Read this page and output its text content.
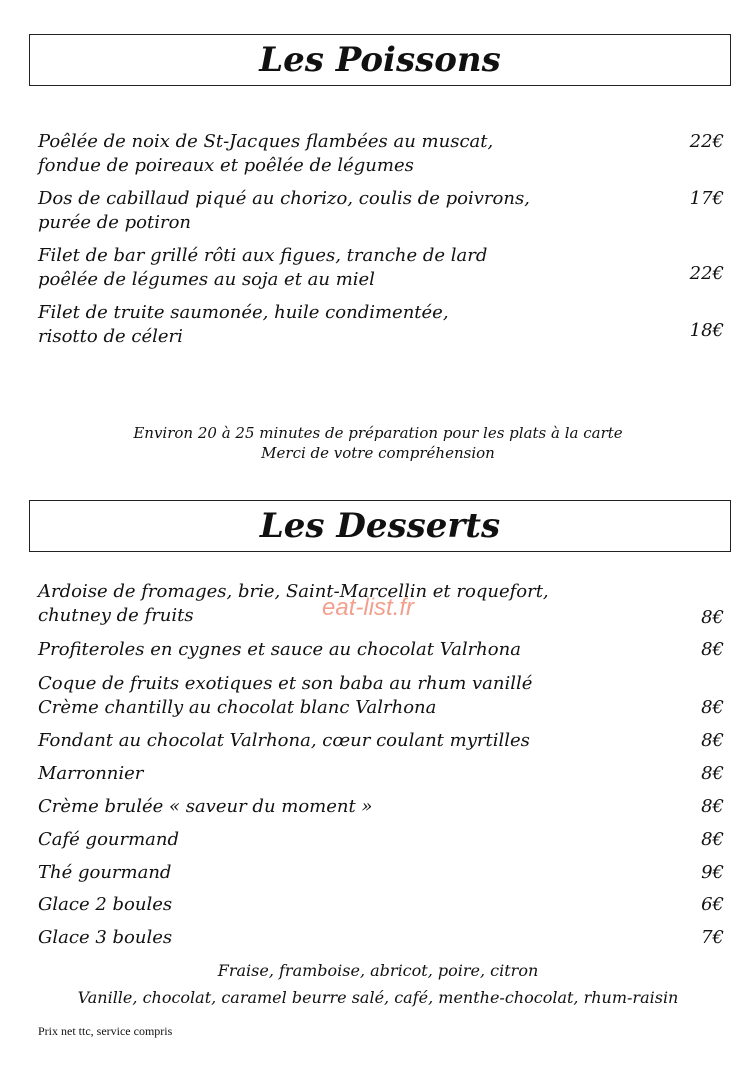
Les Poissons
Poêlée de noix de St-Jacques flambées au muscat,
fondue de poireaux et poêlée de légumes
22€
Dos de cabillaud piqué au chorizo, coulis de poivrons,
purée de potiron
17€
Filet de bar grillé rôti aux figues, tranche de lard
poêlée de légumes au soja et au miel	22€
Filet de truite saumonée, huile condimentée,
risotto de céleri	18€
Environ 20 à 25 minutes de préparation pour les plats à la carte
Merci de votre compréhension
Les Desserts
eat-list.fr
Ardoise de fromages, brie, Saint-Marcellin et roquefort,
chutney de fruits	8€
Profiteroles en cygnes et sauce au chocolat Valrhona	8€
Coque de fruits exotiques et son baba au rhum vanillé
Crème chantilly au chocolat blanc Valrhona	8€
Fondant au chocolat Valrhona, cœur coulant myrtilles	8€
Marronnier	8€
Crème brulée « saveur du moment »	8€
Café gourmand	8€
Thé gourmand	9€
Glace 2 boules	6€
Glace 3 boules	7€
Fraise, framboise, abricot, poire, citron
Vanille, chocolat, caramel beurre salé, café, menthe-chocolat, rhum-raisin
Prix net ttc, service compris
